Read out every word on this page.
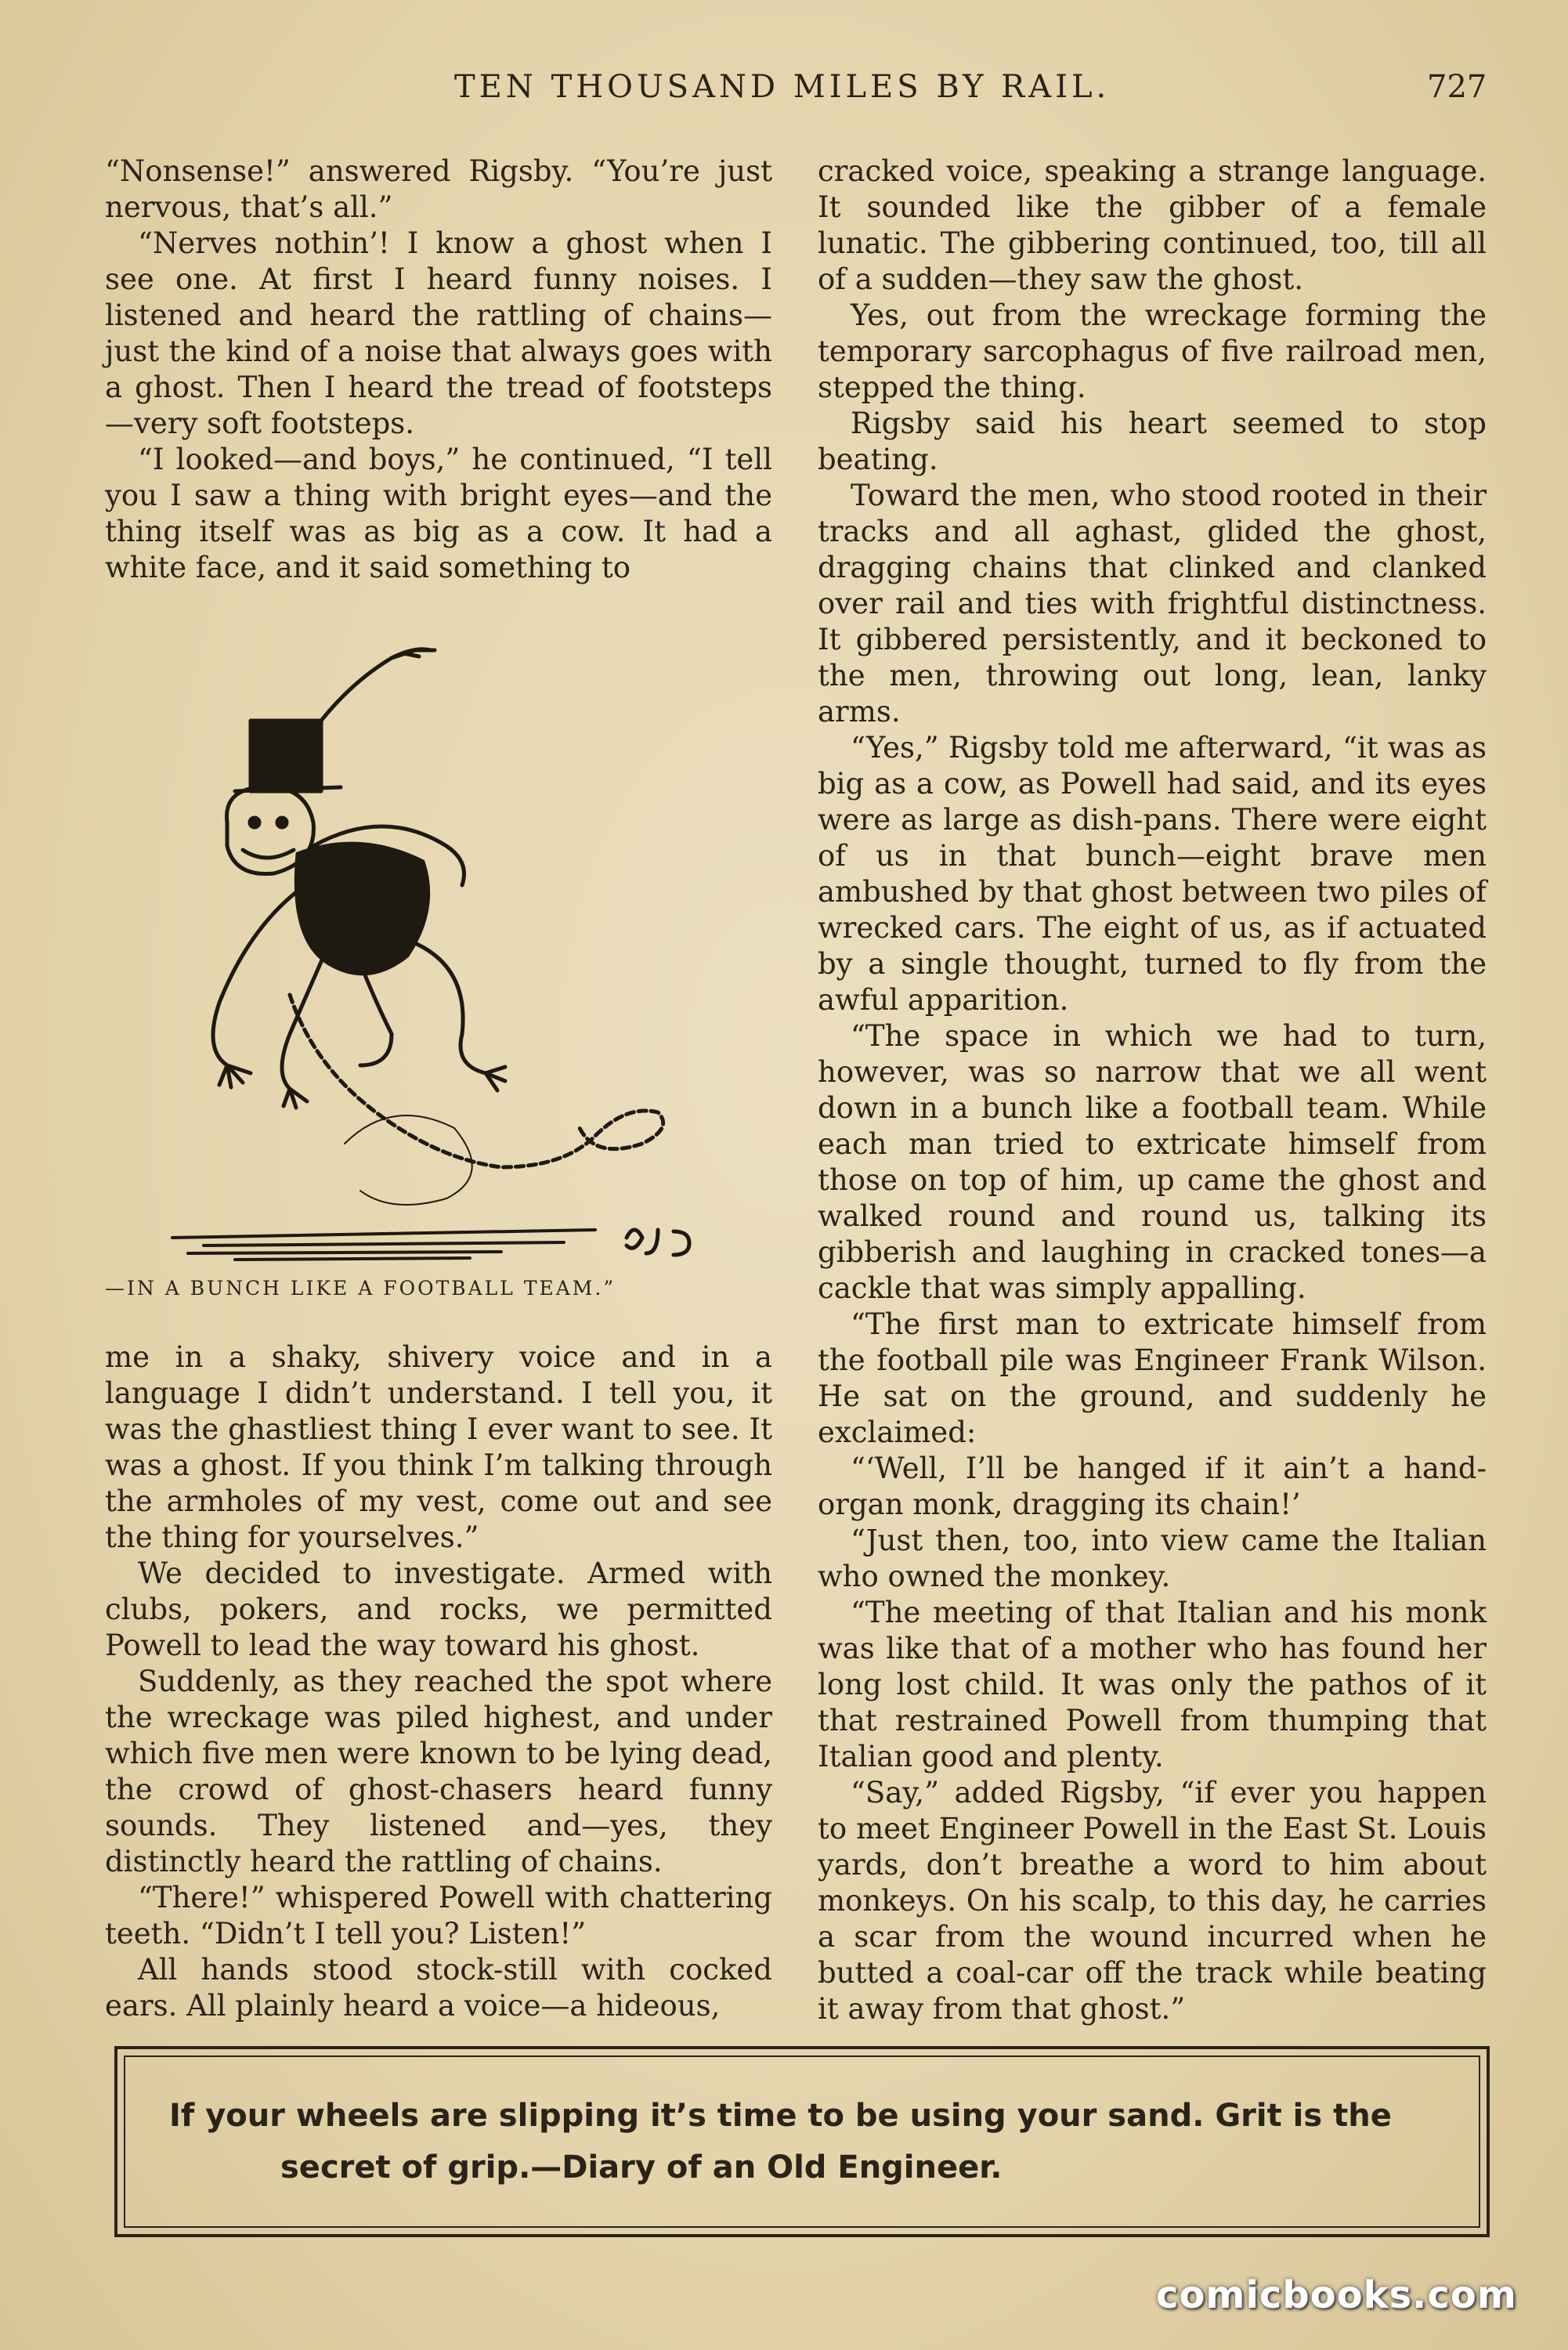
TEN THOUSAND MILES BY RAIL.	727

“Nonsense!” answered Rigsby. “You’re just nervous, that’s all.”

“Nerves nothin’! I know a ghost when I see one. At first I heard funny noises. I listened and heard the rattling of chains—just the kind of a noise that always goes with a ghost. Then I heard the tread of footsteps—very soft footsteps.

“I looked—and boys,” he continued, “I tell you I saw a thing with bright eyes—and the thing itself was as big as a cow. It had a white face, and it said something to

—IN A BUNCH LIKE A FOOTBALL TEAM.”

me in a shaky, shivery voice and in a language I didn’t understand. I tell you, it was the ghastliest thing I ever want to see. It was a ghost. If you think I’m talking through the armholes of my vest, come out and see the thing for yourselves.”

We decided to investigate. Armed with clubs, pokers, and rocks, we permitted Powell to lead the way toward his ghost.

Suddenly, as they reached the spot where the wreckage was piled highest, and under which five men were known to be lying dead, the crowd of ghost-chasers heard funny sounds. They listened and—yes, they distinctly heard the rattling of chains.

“There!” whispered Powell with chattering teeth. “Didn’t I tell you? Listen!”

All hands stood stock-still with cocked ears. All plainly heard a voice—a hideous,

cracked voice, speaking a strange language. It sounded like the gibber of a female lunatic. The gibbering continued, too, till all of a sudden—they saw the ghost.

Yes, out from the wreckage forming the temporary sarcophagus of five railroad men, stepped the thing.

Rigsby said his heart seemed to stop beating.

Toward the men, who stood rooted in their tracks and all aghast, glided the ghost, dragging chains that clinked and clanked over rail and ties with frightful distinctness. It gibbered persistently, and it beckoned to the men, throwing out long, lean, lanky arms.

“Yes,” Rigsby told me afterward, “it was as big as a cow, as Powell had said, and its eyes were as large as dish-pans. There were eight of us in that bunch—eight brave men ambushed by that ghost between two piles of wrecked cars. The eight of us, as if actuated by a single thought, turned to fly from the awful apparition.

“The space in which we had to turn, however, was so narrow that we all went down in a bunch like a football team. While each man tried to extricate himself from those on top of him, up came the ghost and walked round and round us, talking its gibberish and laughing in cracked tones—a cackle that was simply appalling.

“The first man to extricate himself from the football pile was Engineer Frank Wilson. He sat on the ground, and suddenly he exclaimed:

“‘Well, I’ll be hanged if it ain’t a hand-organ monk, dragging its chain!’

“Just then, too, into view came the Italian who owned the monkey.

“The meeting of that Italian and his monk was like that of a mother who has found her long lost child. It was only the pathos of it that restrained Powell from thumping that Italian good and plenty.

“Say,” added Rigsby, “if ever you happen to meet Engineer Powell in the East St. Louis yards, don’t breathe a word to him about monkeys. On his scalp, to this day, he carries a scar from the wound incurred when he butted a coal-car off the track while beating it away from that ghost.”

If your wheels are slipping it’s time to be using your sand. Grit is the
secret of grip.—Diary of an Old Engineer.
comicbooks.com
